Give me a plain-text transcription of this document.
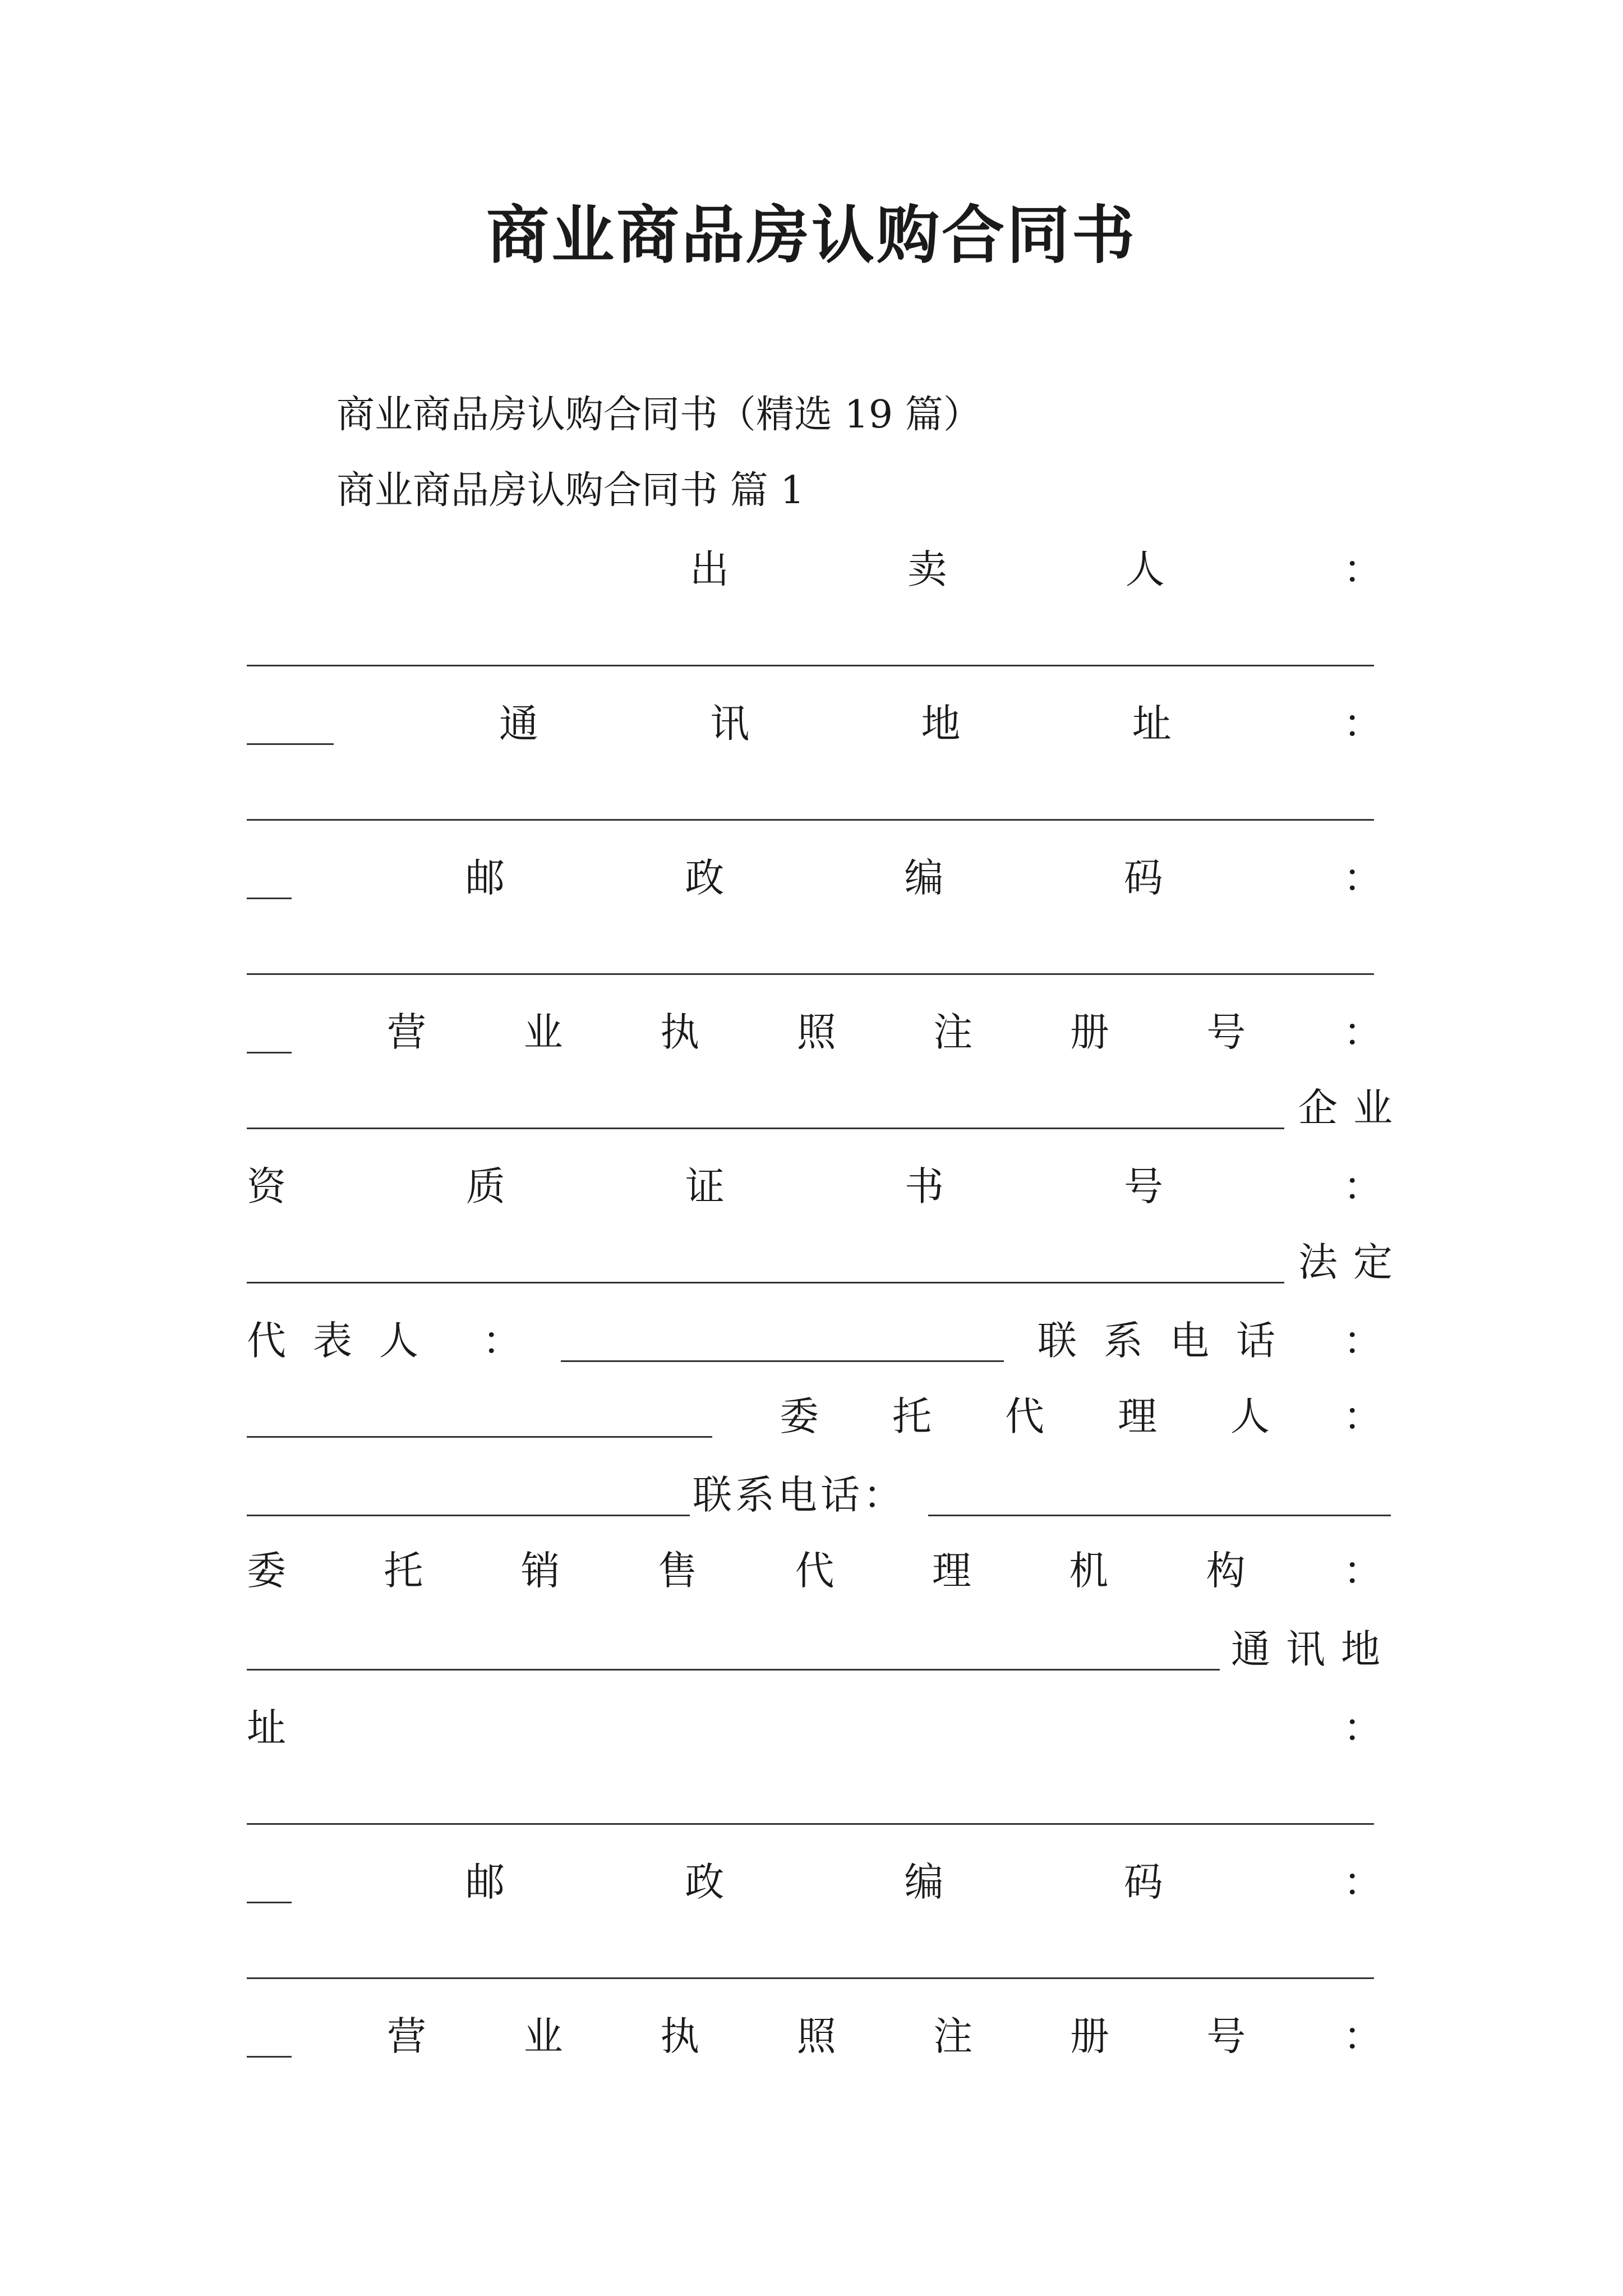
商业商品房认购合同书
商业商品房认购合同书（精选 19 篇）
商业商品房认购合同书 篇 1
出	卖	人	：
通	讯	地	址	：
邮	政	编	码	：
营 业 执 照 注 册 号 ：
企业
资	质	证	书	号	：
法定
代表人 ：	联系电话 ：
委 托 代 理 人 ：
联系电话：
委 托 销 售 代 理 机 构 ：
通讯地
址	：
邮	政	编	码	：
营 业 执 照 注 册 号 ：
